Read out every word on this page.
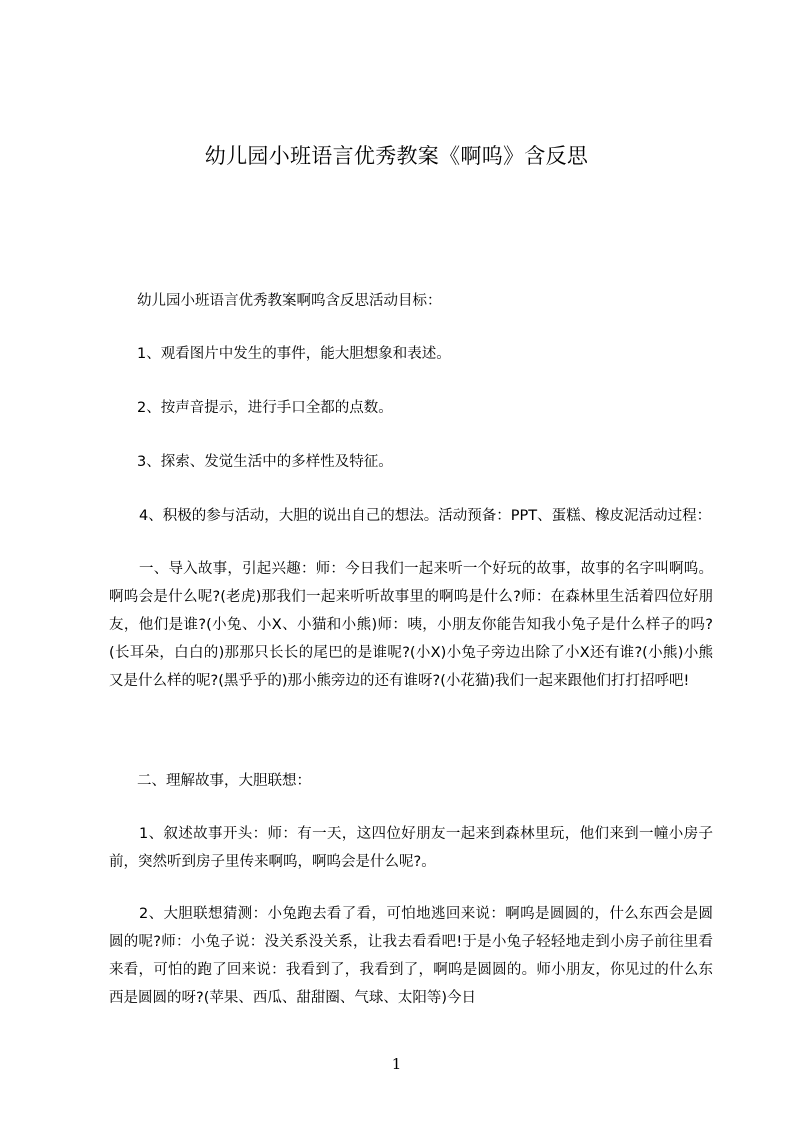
幼儿园小班语言优秀教案《啊呜》含反思

幼儿园小班语言优秀教案啊呜含反思活动目标：

1、观看图片中发生的事件，能大胆想象和表述。

2、按声音提示，进行手口全都的点数。

3、探索、发觉生活中的多样性及特征。

4、积极的参与活动，大胆的说出自己的想法。活动预备：PPT、蛋糕、橡皮泥活动过程：

一、导入故事，引起兴趣：师：今日我们一起来听一个好玩的故事，故事的名字叫啊呜。啊呜会是什么呢?(老虎)那我们一起来听听故事里的啊呜是什么?师：在森林里生活着四位好朋友，他们是谁?(小兔、小X、小猫和小熊)师：咦，小朋友你能告知我小兔子是什么样子的吗?(长耳朵，白白的)那那只长长的尾巴的是谁呢?(小X)小兔子旁边出除了小X还有谁?(小熊)小熊又是什么样的呢?(黑乎乎的)那小熊旁边的还有谁呀?(小花猫)我们一起来跟他们打打招呼吧!

二、理解故事，大胆联想：

1、叙述故事开头：师：有一天，这四位好朋友一起来到森林里玩，他们来到一幢小房子前，突然听到房子里传来啊呜，啊呜会是什么呢?。

2、大胆联想猜测：小兔跑去看了看，可怕地逃回来说：啊呜是圆圆的，什么东西会是圆圆的呢?师：小兔子说：没关系没关系，让我去看看吧!于是小兔子轻轻地走到小房子前往里看来看，可怕的跑了回来说：我看到了，我看到了，啊呜是圆圆的。师小朋友，你见过的什么东西是圆圆的呀?(苹果、西瓜、甜甜圈、气球、太阳等)今日

1
